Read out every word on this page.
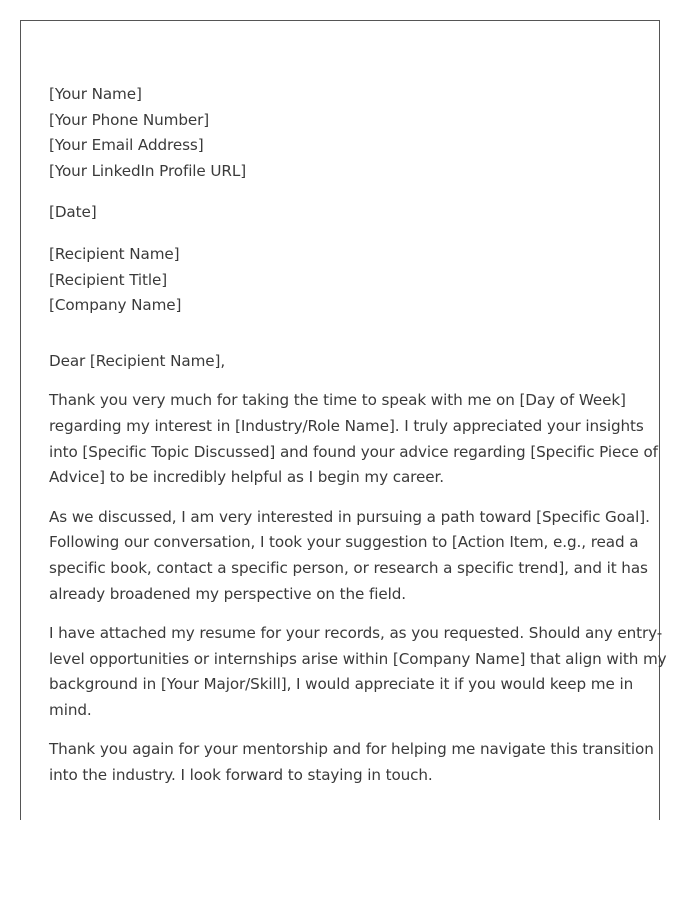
[Your Name]
[Your Phone Number]
[Your Email Address]
[Your LinkedIn Profile URL]
[Date]
[Recipient Name]
[Recipient Title]
[Company Name]
Dear [Recipient Name],

Thank you very much for taking the time to speak with me on [Day of Week]
regarding my interest in [Industry/Role Name]. I truly appreciated your insights
into [Specific Topic Discussed] and found your advice regarding [Specific Piece of
Advice] to be incredibly helpful as I begin my career.

As we discussed, I am very interested in pursuing a path toward [Specific Goal].
Following our conversation, I took your suggestion to [Action Item, e.g., read a
specific book, contact a specific person, or research a specific trend], and it has
already broadened my perspective on the field.

I have attached my resume for your records, as you requested. Should any entry-
level opportunities or internships arise within [Company Name] that align with my
background in [Your Major/Skill], I would appreciate it if you would keep me in
mind.

Thank you again for your mentorship and for helping me navigate this transition
into the industry. I look forward to staying in touch.
